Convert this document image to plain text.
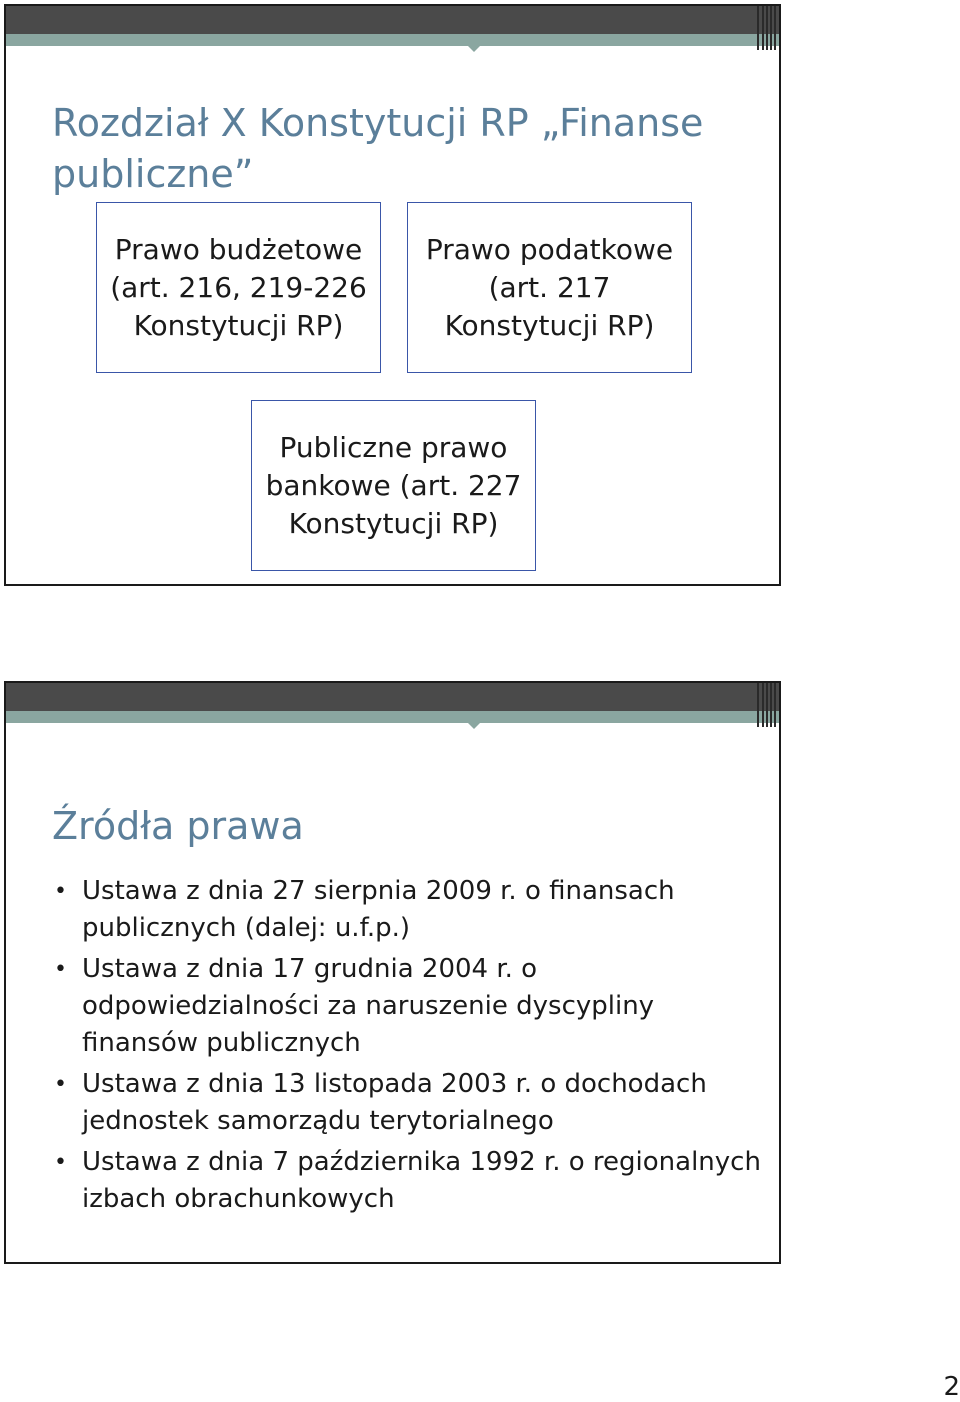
Rozdział X Konstytucji RP „Finanse publiczne”
Prawo budżetowe
(art. 216, 219-226
Konstytucji RP)
Prawo podatkowe
(art. 217
Konstytucji RP)
Publiczne prawo
bankowe (art. 227
Konstytucji RP)
Źródła prawa
• Ustawa z dnia 27 sierpnia 2009 r. o finansach publicznych (dalej: u.f.p.)
• Ustawa z dnia 17 grudnia 2004 r. o odpowiedzialności za naruszenie dyscypliny finansów publicznych
• Ustawa z dnia 13 listopada 2003 r. o dochodach jednostek samorządu terytorialnego
• Ustawa z dnia 7 października 1992 r. o regionalnych izbach obrachunkowych
2
